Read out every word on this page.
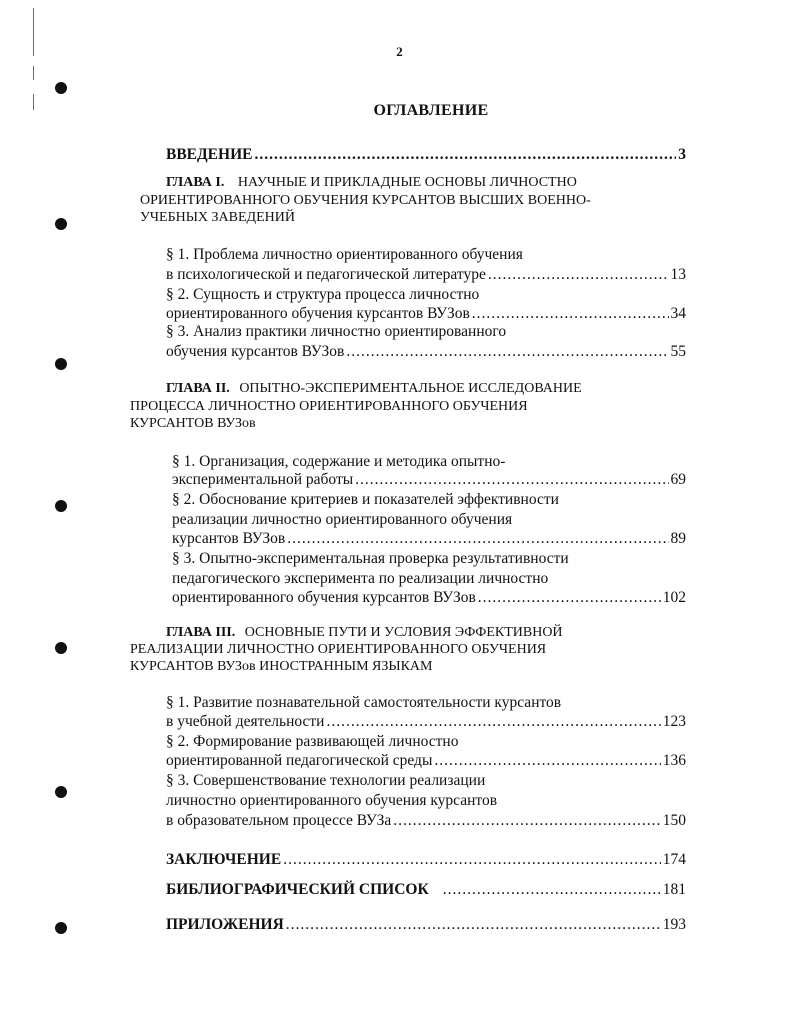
2
ОГЛАВЛЕНИЕ
ВВЕДЕНИЕ .....	3
ГЛАВА I. НАУЧНЫЕ И ПРИКЛАДНЫЕ ОСНОВЫ ЛИЧНОСТНО
ОРИЕНТИРОВАННОГО ОБУЧЕНИЯ КУРСАНТОВ ВЫСШИХ ВОЕННО-
УЧЕБНЫХ ЗАВЕДЕНИЙ
§ 1. Проблема личностно ориентированного обучения
в психологической и педагогической литературе .....	13
§ 2. Сущность и структура процесса личностно
ориентированного обучения курсантов ВУЗов .....	34
§ 3. Анализ практики личностно ориентированного
обучения курсантов ВУЗов .....	55
ГЛАВА II. ОПЫТНО-ЭКСПЕРИМЕНТАЛЬНОЕ ИССЛЕДОВАНИЕ
ПРОЦЕССА ЛИЧНОСТНО ОРИЕНТИРОВАННОГО ОБУЧЕНИЯ
КУРСАНТОВ ВУЗов
§ 1. Организация, содержание и методика опытно-
экспериментальной работы .....	69
§ 2. Обоснование критериев и показателей эффективности
реализации личностно ориентированного обучения
курсантов ВУЗов .....	89
§ 3. Опытно-экспериментальная проверка результативности
педагогического эксперимента по реализации личностно
ориентированного обучения курсантов ВУЗов .....	102
ГЛАВА III. ОСНОВНЫЕ ПУТИ И УСЛОВИЯ ЭФФЕКТИВНОЙ
РЕАЛИЗАЦИИ ЛИЧНОСТНО ОРИЕНТИРОВАННОГО ОБУЧЕНИЯ
КУРСАНТОВ ВУЗов ИНОСТРАННЫМ ЯЗЫКАМ
§ 1. Развитие познавательной самостоятельности курсантов
в учебной деятельности .....	123
§ 2. Формирование развивающей личностно
ориентированной педагогической среды .....	136
§ 3. Совершенствование технологии реализации
личностно ориентированного обучения курсантов
в образовательном процессе ВУЗа .....	150
ЗАКЛЮЧЕНИЕ .....	174
БИБЛИОГРАФИЧЕСКИЙ СПИСОК .....	181
ПРИЛОЖЕНИЯ .....	193
